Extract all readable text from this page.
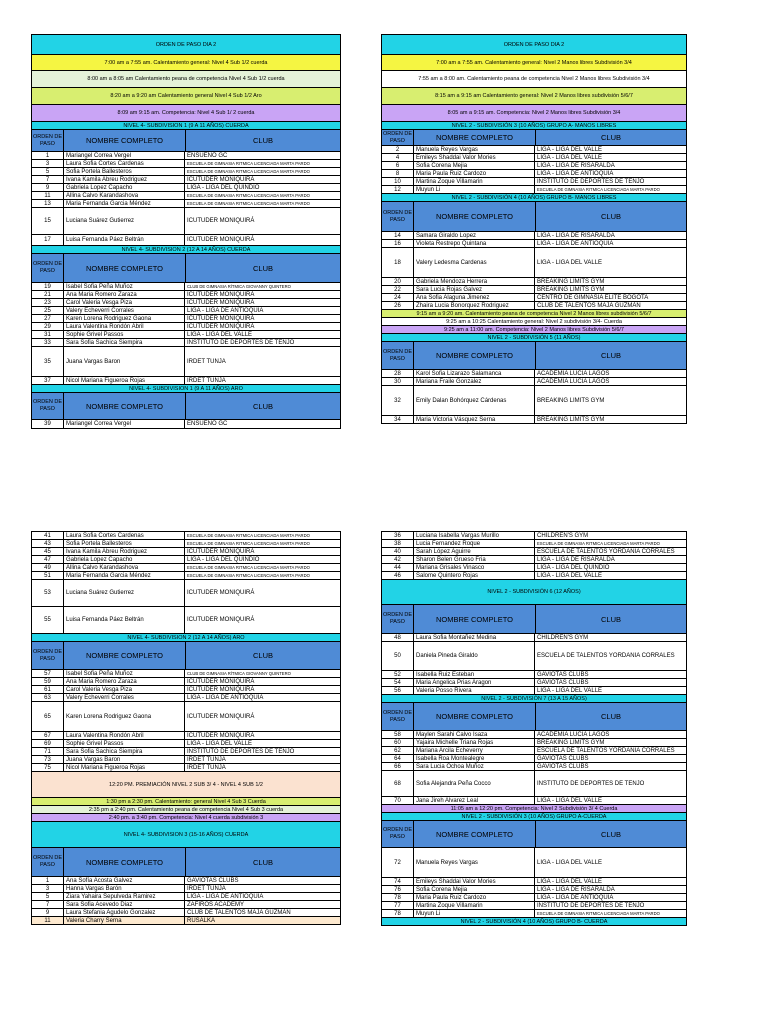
ORDEN DE PASO DIA 2
7:00 am a 7:55 am. Calentamiento general: Nivel 4 Sub 1/2 cuerda
8:00 am a 8:05 am Calentamiento peana de competencia Nivel 4 Sub 1/2 cuerda
8:20 am a 9:20 am Calentamiento general Nivel 4 Sub 1/2 Aro
8:09 am 9:15 am. Competencia: Nivel 4 Sub 1/ 2 cuerda
NIVEL 4- SUBDIVISION 1 (9 A 11 AÑOS) CUERDA
ORDEN DE PASO	NOMBRE COMPLETO	CLUB
1	Mariangel Correa Vergel	ENSUEÑO GC
3	Laura Sofia Cortes Cardenas	ESCUELA DE GIMNASIA RITMICA LICENCIADA MARTA PARDO
5	Sofia Portela Ballesteros	ESCUELA DE GIMNASIA RITMICA LICENCIADA MARTA PARDO
7	Ivana Kamila Abreu Rodriguez	ICUTUDER MONIQUIRÁ
9	Gabriela Lopez Capacho	LIGA - LIGA DEL QUINDIO
11	Allina Calvo Karandashova	ESCUELA DE GIMNASIA RITMICA LICENCIADA MARTA PARDO
13	Maria Fernanda Garcia Méndez	ESCUELA DE GIMNASIA RITMICA LICENCIADA MARTA PARDO
15	Luciana Suárez Gutierrez	ICUTUDER MONIQUIRÁ
17	Luisa Fernanda Páez Beltrán	ICUTUDER MONIQUIRÁ
NIVEL 4- SUBDIVISION 2 (12 A 14 AÑOS) CUERDA
ORDEN DE PASO	NOMBRE COMPLETO	CLUB
19	Isabel Sofia Peña Muñoz	CLUB DE GIMNASIA RÍTMICA GIOVANNY QUINTERO
21	Ana Maria Romero Zaraza	ICUTUDER MONIQUIRÁ
23	Carol Valeria Vesga Piza	ICUTUDER MONIQUIRÁ
25	Valery Echeverri Corrales	LIGA - LIGA DE ANTIOQUIA
27	Karen Lorena Rodriguez Gaona	ICUTUDER MONIQUIRÁ
29	Laura Valentina Rondón Abril	ICUTUDER MONIQUIRÁ
31	Sophie Grivel Passos	LIGA - LIGA DEL VALLE
33	Sara Sofia Sachica Siempira	INSTITUTO DE DEPORTES DE TENJO
35	Juana Vargas Baron	IRDET TUNJA
37	Nicol Mariana Figueroa Rojas	IRDET TUNJA
NIVEL 4- SUBDIVISION 1 (9 A 11 AÑOS) ARO
ORDEN DE PASO	NOMBRE COMPLETO	CLUB
39	Mariangel Correa Vergel	ENSUEÑO GC
ORDEN DE PASO DIA 2
7:00 am a 7:55 am. Calentamiento general: Nivel 2 Manos libres Subdivisión 3/4
7:55 am a 8:00 am. Calentamiento peana de competencia Nivel 2 Manos libres Subdivisión 3/4
8:15 am a 9:15 am Calentamiento general: Nivel 2 Manos libres subdivisión 5/6/7
8:05 am a 9:15 am. Competencia: Nivel 2 Manos libres Subdivisión 3/4
NIVEL 2 - SUBDIVISIÓN 3 (10 AÑOS) GRUPO A- MANOS LIBRES
ORDEN DE PASO	NOMBRE COMPLETO	CLUB
2	Manuela Reyes Vargas	LIGA - LIGA DEL VALLE
4	Emileys Shaddai Valor Mories	LIGA - LIGA DEL VALLE
6	Sofia Corena Mejia	LIGA - LIGA DE RISARALDA
8	Maria Paula Ruiz Cardozo	LIGA - LIGA DE ANTIOQUIA
10	Martina Zoque Villamarin	INSTITUTO DE DEPORTES DE TENJO
12	Muyun Li	ESCUELA DE GIMNASIA RITMICA LICENCIADA MARTA PARDO
NIVEL 2 - SUBDIVISIÓN 4 (10 AÑOS) GRUPO B- MANOS LIBRES
ORDEN DE PASO	NOMBRE COMPLETO	CLUB
14	Samara Giraldo Lopez	LIGA - LIGA DE RISARALDA
16	Violeta Restrepo Quintana	LIGA - LIGA DE ANTIOQUIA
18	Valery Ledesma Cardenas	LIGA - LIGA DEL VALLE
20	Gabriela Mendoza Herrera	BREAKING LIMITS GYM
22	Sara Lucia Rojas Galvez	BREAKING LIMITS GYM
24	Ana Sofia Alaguna Jimenez	CENTRO DE GIMNASIA ELITE BOGOTA
26	Zhaira Lucia Bonorquez Rodriguez	CLUB DE TALENTOS MAJA GUZMÁN
9:15 am a 9:20 am. Calentamiento peana de competencia Nivel 2 Manos libres subdivisión 5/6/7
9:25 am a 10:25 Calentamiento general: Nivel 2 subdivisión 3/4- Cuerda
9:25 am a 11:00 am. Competencia: Nivel 2 Manos libres Subdivisión 5/6/7
NIVEL 2 - SUBDIVISIÓN 5 (11 AÑOS)
ORDEN DE PASO	NOMBRE COMPLETO	CLUB
28	Karol Sofia Lizarazo Salamanca	ACADEMIA LUCIA LAGOS
30	Mariana Fraile Gonzalez	ACADEMIA LUCIA LAGOS
32	Emily Dalan Bohórquez Cárdenas	BREAKING LIMITS GYM
34	Maria Victoria Vásquez Serna	BREAKING LIMITS GYM
41	Laura Sofia Cortes Cardenas	ESCUELA DE GIMNASIA RITMICA LICENCIADA MARTA PARDO
43	Sofia Portela Ballesteros	ESCUELA DE GIMNASIA RITMICA LICENCIADA MARTA PARDO
45	Ivana Kamila Abreu Rodriguez	ICUTUDER MONIQUIRÁ
47	Gabriela Lopez Capacho	LIGA - LIGA DEL QUINDIO
49	Allina Calvo Karandashova	ESCUELA DE GIMNASIA RITMICA LICENCIADA MARTA PARDO
51	Maria Fernanda Garcia Méndez	ESCUELA DE GIMNASIA RITMICA LICENCIADA MARTA PARDO
53	Luciana Suárez Gutierrez	ICUTUDER MONIQUIRÁ
55	Luisa Fernanda Páez Beltrán	ICUTUDER MONIQUIRÁ
NIVEL 4- SUBDIVISION 2 (12 A 14 AÑOS) ARO
ORDEN DE PASO	NOMBRE COMPLETO	CLUB
57	Isabel Sofia Peña Muñoz	CLUB DE GIMNASIA RÍTMICA GIOVANNY QUINTERO
59	Ana Maria Romero Zaraza	ICUTUDER MONIQUIRÁ
61	Carol Valeria Vesga Piza	ICUTUDER MONIQUIRÁ
63	Valery Echeverri Corrales	LIGA - LIGA DE ANTIOQUIA
65	Karen Lorena Rodriguez Gaona	ICUTUDER MONIQUIRÁ
67	Laura Valentina Rondón Abril	ICUTUDER MONIQUIRÁ
69	Sophie Grivel Passos	LIGA - LIGA DEL VALLE
71	Sara Sofia Sachica Siempira	INSTITUTO DE DEPORTES DE TENJO
73	Juana Vargas Baron	IRDET TUNJA
75	Nicol Mariana Figueroa Rojas	IRDET TUNJA
12:20 PM. PREMIACIÓN NIVEL 2 SUB 3/ 4 - NIVEL 4 SUB 1/2
1:30 pm a 2:30 pm. Calentamiento: general Nivel 4 Sub 3 Cuerda
2:35 pm a 2:40 pm. Calentamiento peana de competencia Nivel 4 Sub 3 cuerda
2:40 pm. a 3:40 pm. Competencia: Nivel 4 cuerda subdivisión 3
NIVEL 4- SUBDIVISION 3 (15-16 AÑOS) CUERDA
ORDEN DE PASO	NOMBRE COMPLETO	CLUB
1	Ana Sofía Acosta Galvez	GAVIOTAS CLUBS
3	Hanna Vargas Barón	IRDET TUNJA
5	Ziara Yahaira Sepulveda Ramirez	LIGA - LIGA DE ANTIOQUIA
7	Sara Sofia Acevedo Diaz	ZAFIROS ACADEMY
9	Laura Stefania Agudelo Gonzalez	CLUB DE TALENTOS MAJA GUZMÁN
11	Valeria Charry Serna	RUSALKA
36	Luciana Isabella Vargas Murillo	CHILDREN'S GYM
38	Lucia Fernandez Roque	ESCUELA DE GIMNASIA RITMICA LICENCIADA MARTA PARDO
40	Sarah López Aguirre	ESCUELA DE TALENTOS YORDANIA CORRALES
42	Sharon Belen Grueso Fria	LIGA - LIGA DE RISARALDA
44	Mariana Grisales Vinasco	LIGA - LIGA DEL QUINDIO
46	Salome Quintero Rojas	LIGA - LIGA DEL VALLE
NIVEL 2 - SUBDIVISIÓN 6 (12 AÑOS)
ORDEN DE PASO	NOMBRE COMPLETO	CLUB
48	Laura Sofia Montañez Medina	CHILDREN'S GYM
50	Daniela Pineda Giraldo	ESCUELA DE TALENTOS YORDANIA CORRALES
52	Isabella Ruiz Esteban	GAVIOTAS CLUBS
54	Maria Angelica Prias Aragon	GAVIOTAS CLUBS
56	Valeria Posso Rivera	LIGA - LIGA DEL VALLE
NIVEL 2 - SUBDIVISIÓN 7 (13 A 15 AÑOS)
ORDEN DE PASO	NOMBRE COMPLETO	CLUB
58	Maylen Sarahi Calvo Isaza	ACADEMIA LUCIA LAGOS
60	Yajaira Michelle Triana Rojas	BREAKING LIMITS GYM
62	Mariana Arcila Echeverry	ESCUELA DE TALENTOS YORDANIA CORRALES
64	Isabella Roa Montealegre	GAVIOTAS CLUBS
66	Sara Lucia Ochoa Muñoz	GAVIOTAS CLUBS
68	Sofia Alejandra Peña Cocco	INSTITUTO DE DEPORTES DE TENJO
70	Jana Jireh Alvarez Leal	LIGA - LIGA DEL VALLE
11:05 am a 12:20 pm. Competencia: Nivel 2 Subdivisión 3/ 4 Cuerda
NIVEL 2 - SUBDIVISIÓN 3 (10 AÑOS) GRUPO A-CUERDA
ORDEN DE PASO	NOMBRE COMPLETO	CLUB
72	Manuela Reyes Vargas	LIGA - LIGA DEL VALLE
74	Emileys Shaddai Valor Mories	LIGA - LIGA DEL VALLE
76	Sofia Corena Mejia	LIGA - LIGA DE RISARALDA
78	Maria Paula Ruiz Cardozo	LIGA - LIGA DE ANTIOQUIA
77	Martina Zoque Villamarin	INSTITUTO DE DEPORTES DE TENJO
78	Muyun Li	ESCUELA DE GIMNASIA RITMICA LICENCIADA MARTA PARDO
NIVEL 2 - SUBDIVISIÓN 4 (10 AÑOS) GRUPO B- CUERDA
